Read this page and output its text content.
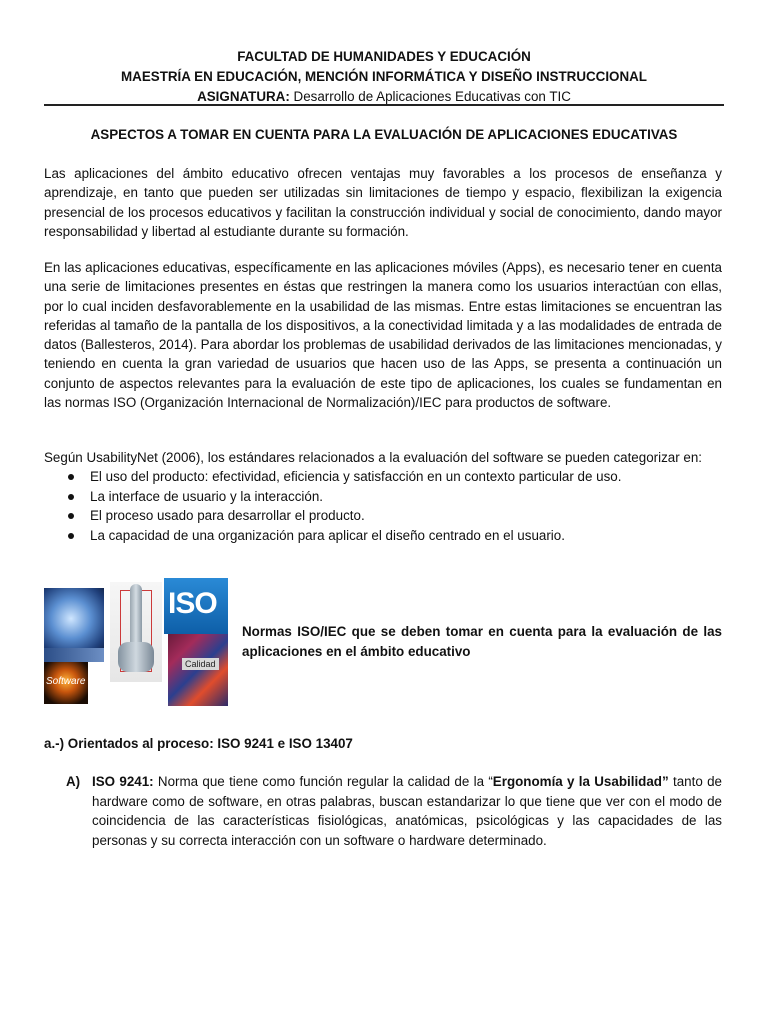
FACULTAD DE HUMANIDADES Y EDUCACIÓN
MAESTRÍA EN EDUCACIÓN, MENCIÓN INFORMÁTICA Y DISEÑO INSTRUCCIONAL
ASIGNATURA: Desarrollo de Aplicaciones Educativas con TIC
ASPECTOS A TOMAR EN CUENTA PARA LA EVALUACIÓN DE APLICACIONES EDUCATIVAS

Las aplicaciones del ámbito educativo ofrecen ventajas muy favorables a los procesos de enseñanza y aprendizaje, en tanto que pueden ser utilizadas sin limitaciones de tiempo y espacio, flexibilizan la exigencia presencial de los procesos educativos y facilitan la construcción individual y social de conocimiento, dando mayor responsabilidad y libertad al estudiante durante su formación.

En las aplicaciones educativas, específicamente en las aplicaciones móviles (Apps), es necesario tener en cuenta una serie de limitaciones presentes en éstas que restringen la manera como los usuarios interactúan con ellas, por lo cual inciden desfavorablemente en la usabilidad de las mismas. Entre estas limitaciones se encuentran las referidas al tamaño de la pantalla de los dispositivos, a la conectividad limitada y a las modalidades de entrada de datos (Ballesteros, 2014). Para abordar los problemas de usabilidad derivados de las limitaciones mencionadas, y teniendo en cuenta la gran variedad de usuarios que hacen uso de las Apps, se presenta a continuación un conjunto de aspectos relevantes para la evaluación de este tipo de aplicaciones, los cuales se fundamentan en las normas ISO (Organización Internacional de Normalización)/IEC para productos de software.

Según UsabilityNet (2006), los estándares relacionados a la evaluación del software se pueden categorizar en:

El uso del producto: efectividad, eficiencia y satisfacción en un contexto particular de uso.
La interface de usuario y la interacción.
El proceso usado para desarrollar el producto.
La capacidad de una organización para aplicar el diseño centrado en el usuario.
ISO
Calidad
Software

Normas ISO/IEC que se deben tomar en cuenta para la evaluación de las aplicaciones en el ámbito educativo

a.-) Orientados al proceso: ISO 9241 e ISO 13407
A) ISO 9241: Norma que tiene como función regular la calidad de la “Ergonomía y la Usabilidad” tanto de hardware como de software, en otras palabras, buscan estandarizar lo que tiene que ver con el modo de coincidencia de las características fisiológicas, anatómicas, psicológicas y las capacidades de las personas y su correcta interacción con un software o hardware determinado.
